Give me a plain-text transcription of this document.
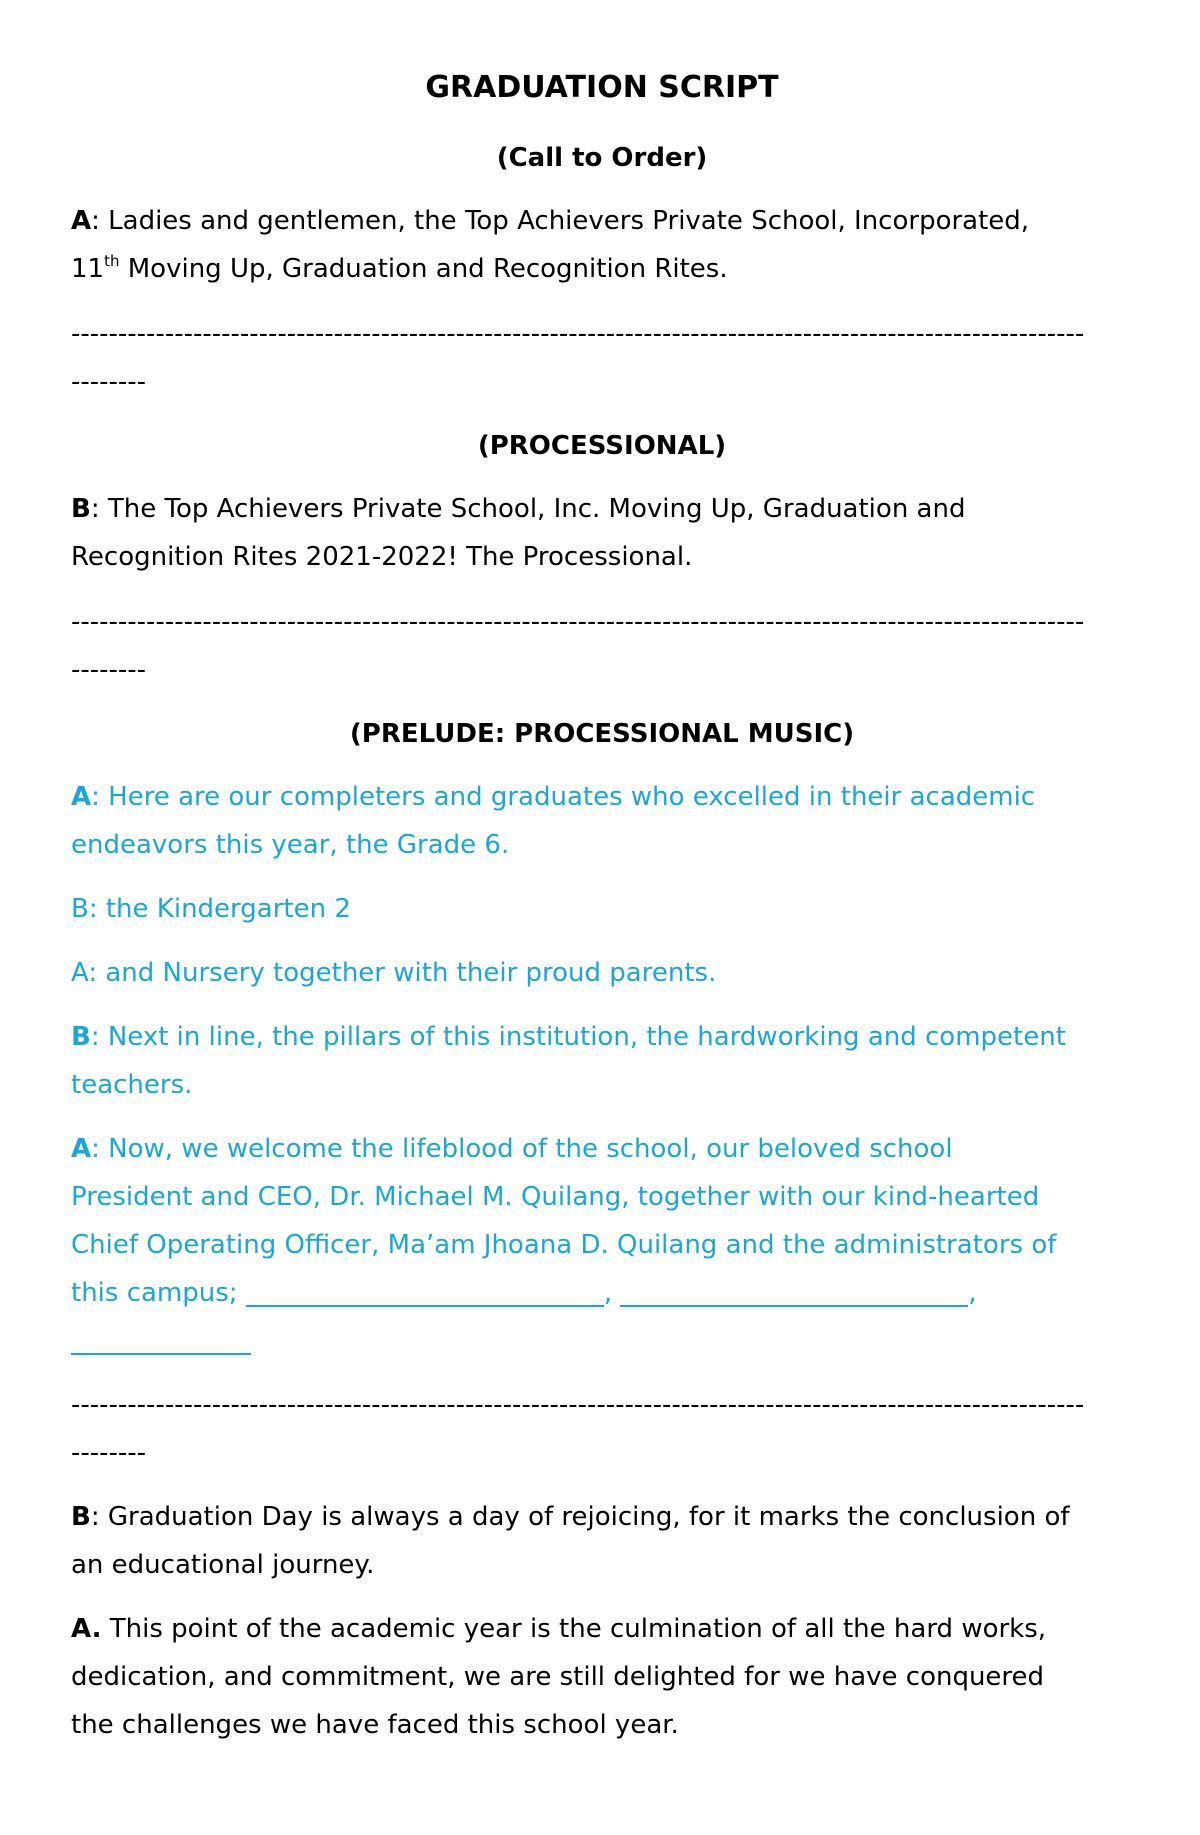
GRADUATION SCRIPT
(Call to Order)
A: Ladies and gentlemen, the Top Achievers Private School, Incorporated,
11th Moving Up, Graduation and Recognition Rites.
------------------------------------------------------------------------------------------------------------
--------
(PROCESSIONAL)
B: The Top Achievers Private School, Inc. Moving Up, Graduation and
Recognition Rites 2021-2022! The Processional.
------------------------------------------------------------------------------------------------------------
--------
(PRELUDE: PROCESSIONAL MUSIC)
A: Here are our completers and graduates who excelled in their academic
endeavors this year, the Grade 6.
B: the Kindergarten 2
A: and Nursery together with their proud parents.
B: Next in line, the pillars of this institution, the hardworking and competent
teachers.
A: Now, we welcome the lifeblood of the school, our beloved school
President and CEO, Dr. Michael M. Quilang, together with our kind-hearted
Chief Operating Officer, Ma’am Jhoana D. Quilang and the administrators of
this campus;	,	,
------------------------------------------------------------------------------------------------------------
--------
B: Graduation Day is always a day of rejoicing, for it marks the conclusion of
an educational journey.
A. This point of the academic year is the culmination of all the hard works,
dedication, and commitment, we are still delighted for we have conquered
the challenges we have faced this school year.
